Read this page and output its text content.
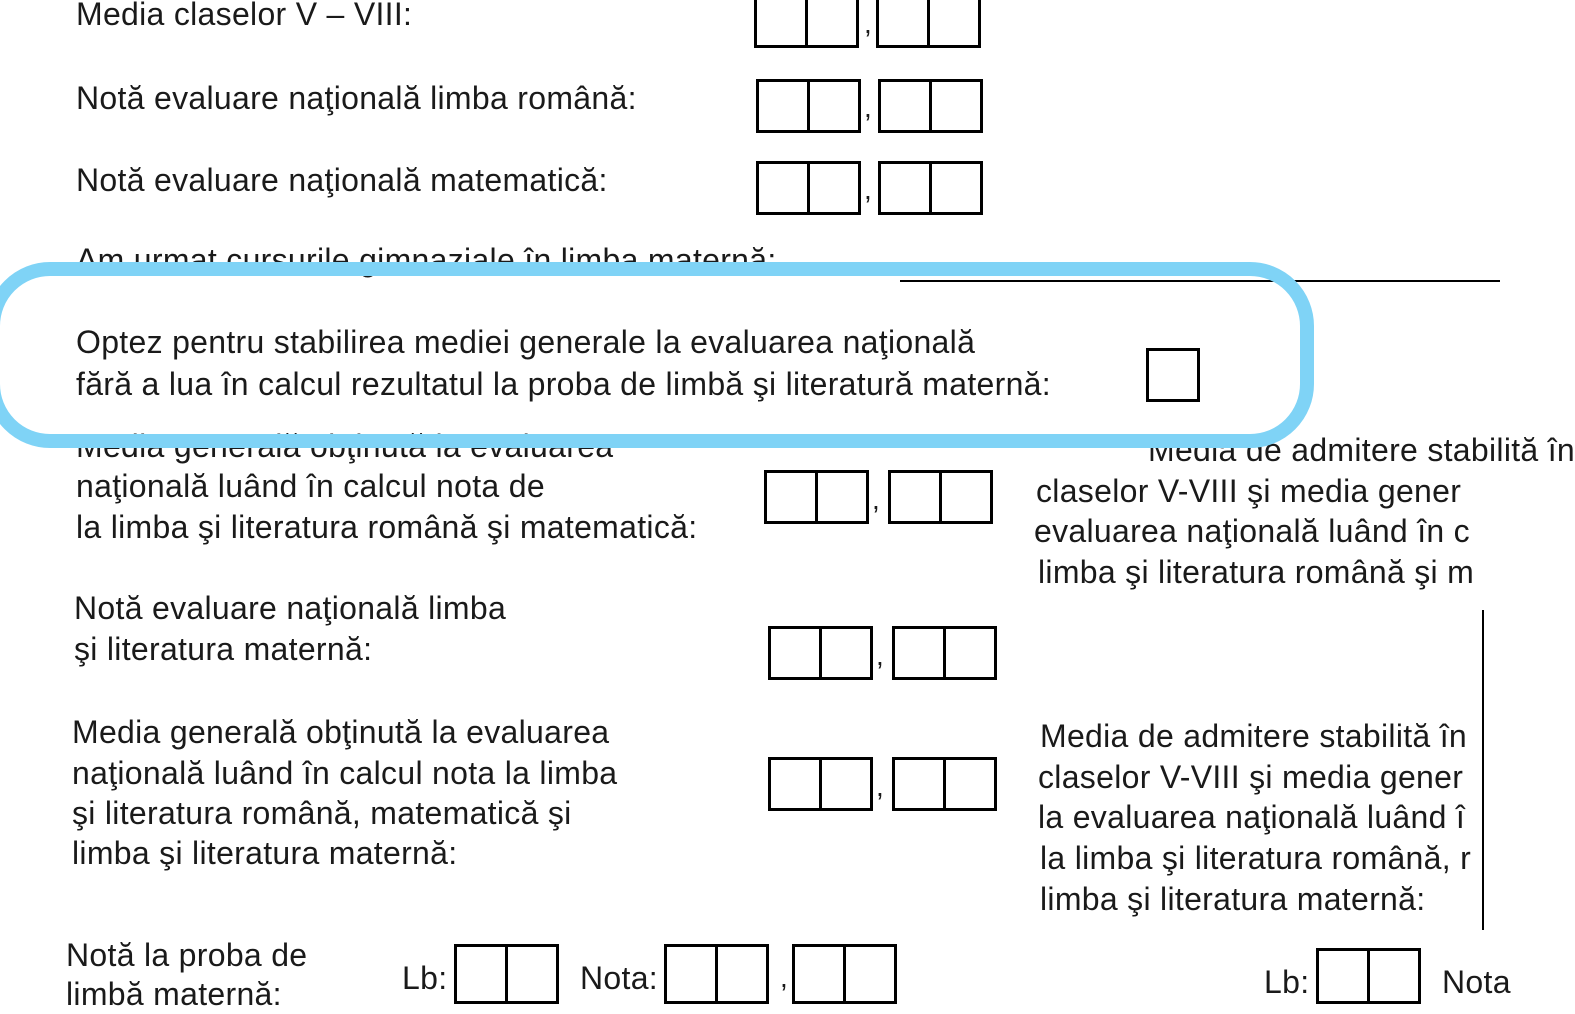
Media claselor V – VIII:	,
Notă evaluare naţională limba română:	,
Notă evaluare naţională matematică:	,
Am urmat cursurile gimnaziale în limba maternă:
Optez pentru stabilirea mediei generale la evaluarea naţională
fără a lua în calcul rezultatul la proba de limbă şi literatură maternă:
Media generală obţinută la evaluarea
naţională luând în calcul nota de
la limba şi literatura română şi matematică:
,
Media de admitere stabilită în
claselor V-VIII şi media gener
evaluarea naţională luând în c
limba şi literatura română şi m
Notă evaluare naţională limba
şi literatura maternă:	,
Media generală obţinută la evaluarea
naţională luând în calcul nota la limba
şi literatura română, matematică şi
limba şi literatura maternă:
,
Media de admitere stabilită în
claselor V-VIII şi media gener
la evaluarea naţională luând î
la limba şi literatura română, r
limba şi literatura maternă:
Notă la proba de
limbă maternă:	Lb:	Nota:	,	Lb:	Nota
